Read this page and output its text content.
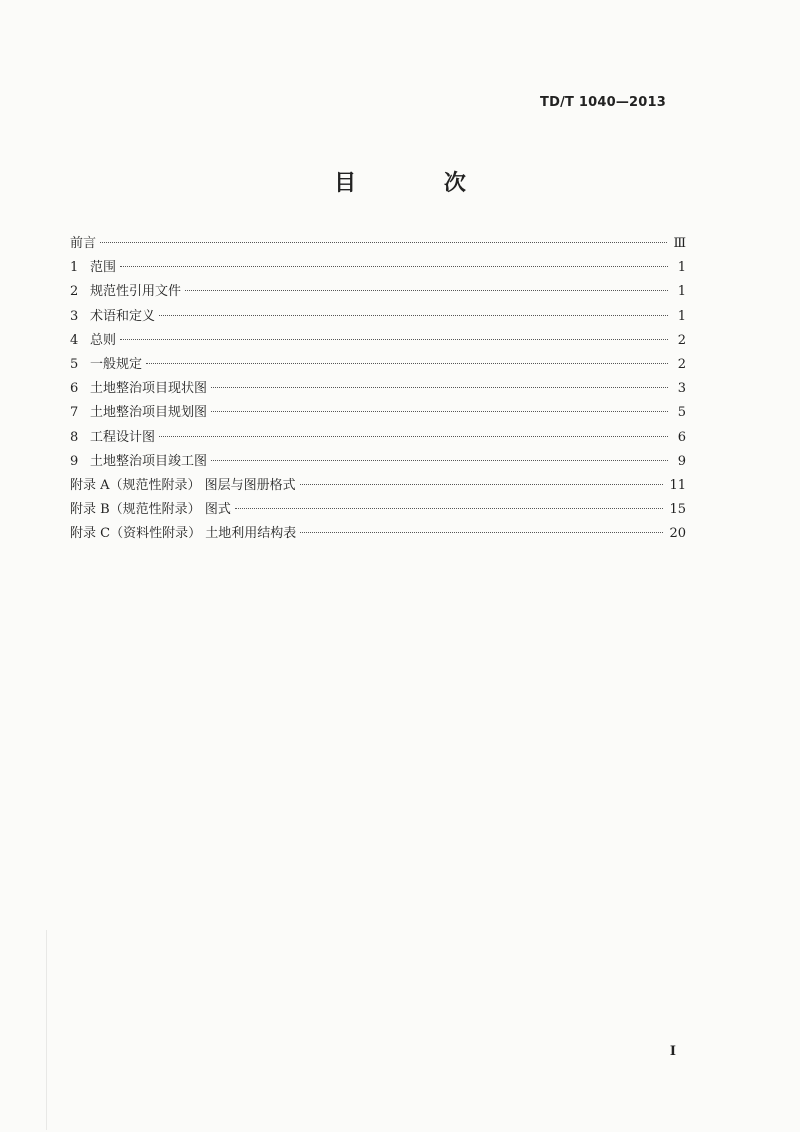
TD/T 1040—2013
目 次
前言	Ⅲ
1 范围	1
2 规范性引用文件	1
3 术语和定义	1
4 总则	2
5 一般规定	2
6 土地整治项目现状图	3
7 土地整治项目规划图	5
8 工程设计图	6
9 土地整治项目竣工图	9
附录 A（规范性附录） 图层与图册格式	11
附录 B（规范性附录） 图式	15
附录 C（资料性附录） 土地利用结构表	20
I
